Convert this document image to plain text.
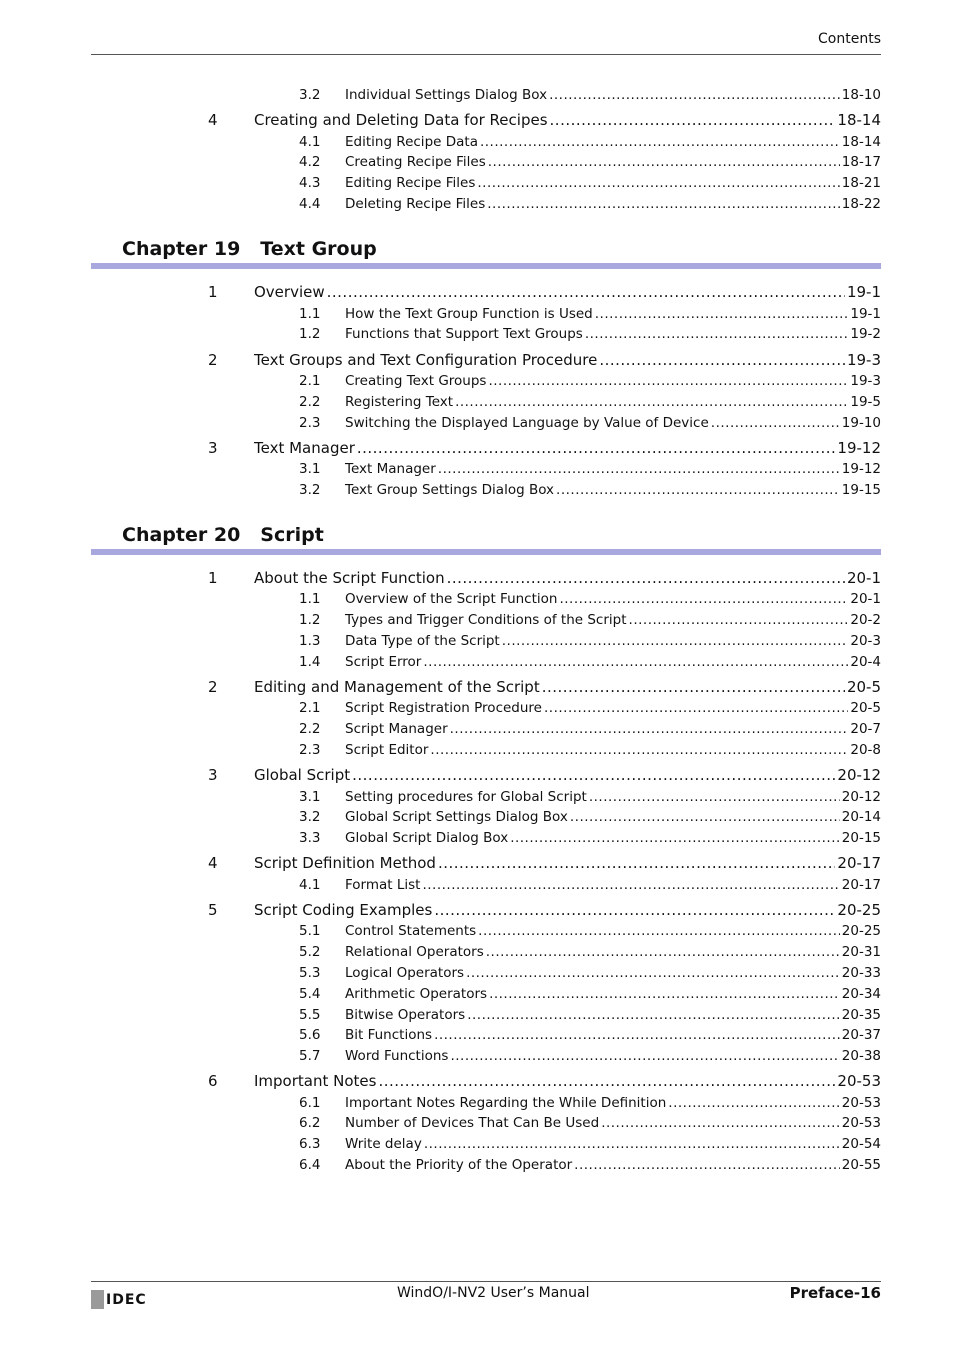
Contents
3.2 Individual Settings Dialog Box .....	18-10
4 Creating and Deleting Data for Recipes .....	18-14
4.1 Editing Recipe Data .....	18-14
4.2 Creating Recipe Files .....	18-17
4.3 Editing Recipe Files .....	18-21
4.4 Deleting Recipe Files .....	18-22
Chapter 19 Text Group
1 Overview .....	19-1
1.1 How the Text Group Function is Used .....	19-1
1.2 Functions that Support Text Groups .....	19-2
2 Text Groups and Text Configuration Procedure .....	19-3
2.1 Creating Text Groups .....	19-3
2.2 Registering Text .....	19-5
2.3 Switching the Displayed Language by Value of Device .....	19-10
3 Text Manager .....	19-12
3.1 Text Manager .....	19-12
3.2 Text Group Settings Dialog Box .....	19-15
Chapter 20 Script
1 About the Script Function .....	20-1
1.1 Overview of the Script Function .....	20-1
1.2 Types and Trigger Conditions of the Script .....	20-2
1.3 Data Type of the Script .....	20-3
1.4 Script Error .....	20-4
2 Editing and Management of the Script .....	20-5
2.1 Script Registration Procedure .....	20-5
2.2 Script Manager .....	20-7
2.3 Script Editor .....	20-8
3 Global Script .....	20-12
3.1 Setting procedures for Global Script .....	20-12
3.2 Global Script Settings Dialog Box .....	20-14
3.3 Global Script Dialog Box .....	20-15
4 Script Definition Method .....	20-17
4.1 Format List .....	20-17
5 Script Coding Examples .....	20-25
5.1 Control Statements .....	20-25
5.2 Relational Operators .....	20-31
5.3 Logical Operators .....	20-33
5.4 Arithmetic Operators .....	20-34
5.5 Bitwise Operators .....	20-35
5.6 Bit Functions .....	20-37
5.7 Word Functions .....	20-38
6 Important Notes .....	20-53
6.1 Important Notes Regarding the While Definition .....	20-53
6.2 Number of Devices That Can Be Used .....	20-53
6.3 Write delay .....	20-54
6.4 About the Priority of the Operator .....	20-55
IDEC	WindO/I-NV2 User’s Manual	Preface-16
